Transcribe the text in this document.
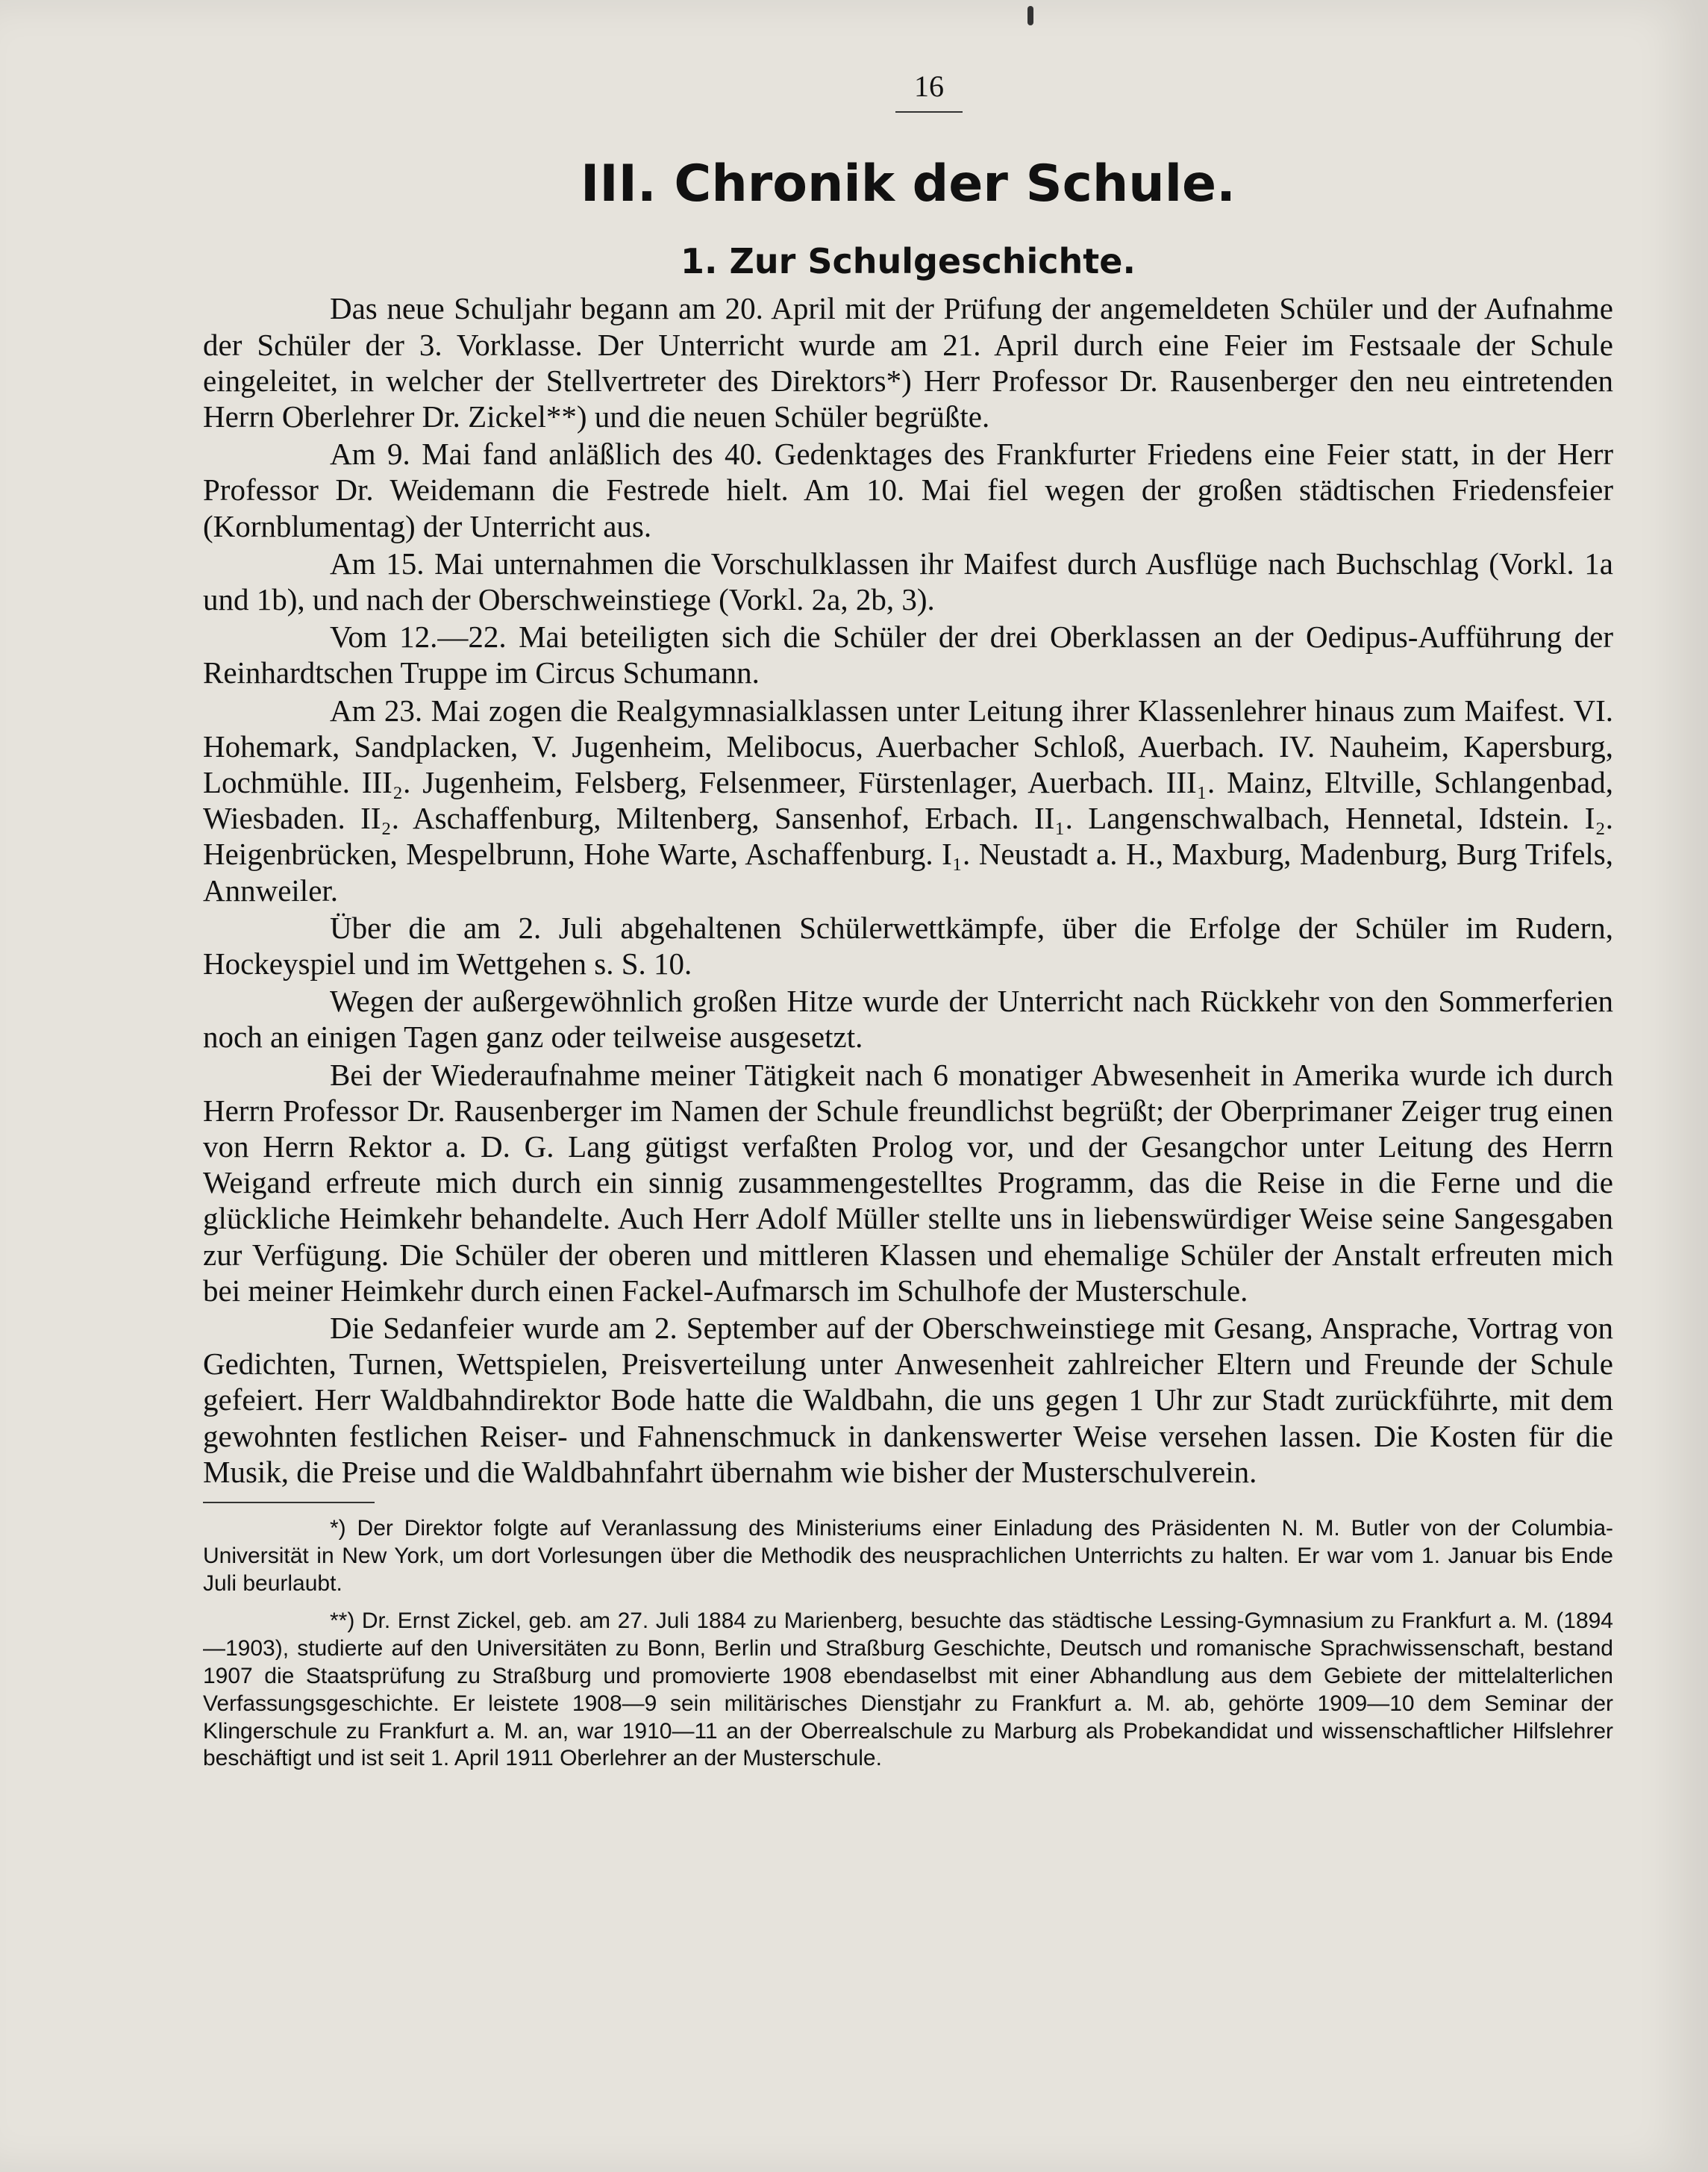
16
III. Chronik der Schule.
1. Zur Schulgeschichte.

Das neue Schuljahr begann am 20. April mit der Prüfung der angemeldeten Schüler und der Aufnahme der Schüler der 3. Vorklasse. Der Unterricht wurde am 21. April durch eine Feier im Festsaale der Schule eingeleitet, in welcher der Stellvertreter des Direktors*) Herr Professor Dr. Rausenberger den neu eintretenden Herrn Oberlehrer Dr. Zickel**) und die neuen Schüler begrüßte.

Am 9. Mai fand anläßlich des 40. Gedenktages des Frankfurter Friedens eine Feier statt, in der Herr Professor Dr. Weidemann die Festrede hielt. Am 10. Mai fiel wegen der großen städtischen Friedensfeier (Kornblumentag) der Unterricht aus.

Am 15. Mai unternahmen die Vorschulklassen ihr Maifest durch Ausflüge nach Buchschlag (Vorkl. 1a und 1b), und nach der Oberschweinstiege (Vorkl. 2a, 2b, 3).

Vom 12.—22. Mai beteiligten sich die Schüler der drei Oberklassen an der Oedipus-Aufführung der Reinhardtschen Truppe im Circus Schumann.

Am 23. Mai zogen die Realgymnasialklassen unter Leitung ihrer Klassenlehrer hinaus zum Maifest. VI. Hohemark, Sandplacken, V. Jugenheim, Melibocus, Auerbacher Schloß, Auerbach. IV. Nauheim, Kapersburg, Lochmühle. III₂. Jugenheim, Felsberg, Felsenmeer, Fürstenlager, Auerbach. III₁. Mainz, Eltville, Schlangenbad, Wiesbaden. II₂. Aschaffenburg, Miltenberg, Sansenhof, Erbach. II₁. Langenschwalbach, Hennetal, Idstein. I₂. Heigenbrücken, Mespelbrunn, Hohe Warte, Aschaffenburg. I₁. Neustadt a. H., Maxburg, Madenburg, Burg Trifels, Annweiler.

Über die am 2. Juli abgehaltenen Schülerwettkämpfe, über die Erfolge der Schüler im Rudern, Hockeyspiel und im Wettgehen s. S. 10.

Wegen der außergewöhnlich großen Hitze wurde der Unterricht nach Rückkehr von den Sommerferien noch an einigen Tagen ganz oder teilweise ausgesetzt.

Bei der Wiederaufnahme meiner Tätigkeit nach 6 monatiger Abwesenheit in Amerika wurde ich durch Herrn Professor Dr. Rausenberger im Namen der Schule freundlichst begrüßt; der Oberprimaner Zeiger trug einen von Herrn Rektor a. D. G. Lang gütigst verfaßten Prolog vor, und der Gesangchor unter Leitung des Herrn Weigand erfreute mich durch ein sinnig zusammengestelltes Programm, das die Reise in die Ferne und die glückliche Heimkehr behandelte. Auch Herr Adolf Müller stellte uns in liebenswürdiger Weise seine Sangesgaben zur Verfügung. Die Schüler der oberen und mittleren Klassen und ehemalige Schüler der Anstalt erfreuten mich bei meiner Heimkehr durch einen Fackel-Aufmarsch im Schulhofe der Musterschule.

Die Sedanfeier wurde am 2. September auf der Oberschweinstiege mit Gesang, Ansprache, Vortrag von Gedichten, Turnen, Wettspielen, Preisverteilung unter Anwesenheit zahlreicher Eltern und Freunde der Schule gefeiert. Herr Waldbahndirektor Bode hatte die Waldbahn, die uns gegen 1 Uhr zur Stadt zurückführte, mit dem gewohnten festlichen Reiser- und Fahnenschmuck in dankenswerter Weise versehen lassen. Die Kosten für die Musik, die Preise und die Waldbahnfahrt übernahm wie bisher der Musterschulverein.

*) Der Direktor folgte auf Veranlassung des Ministeriums einer Einladung des Präsidenten N. M. Butler von der Columbia-Universität in New York, um dort Vorlesungen über die Methodik des neusprachlichen Unterrichts zu halten. Er war vom 1. Januar bis Ende Juli beurlaubt.

**) Dr. Ernst Zickel, geb. am 27. Juli 1884 zu Marienberg, besuchte das städtische Lessing-Gymnasium zu Frankfurt a. M. (1894—1903), studierte auf den Universitäten zu Bonn, Berlin und Straßburg Geschichte, Deutsch und romanische Sprachwissenschaft, bestand 1907 die Staatsprüfung zu Straßburg und promovierte 1908 ebendaselbst mit einer Abhandlung aus dem Gebiete der mittelalterlichen Verfassungsgeschichte. Er leistete 1908—9 sein militärisches Dienstjahr zu Frankfurt a. M. ab, gehörte 1909—10 dem Seminar der Klingerschule zu Frankfurt a. M. an, war 1910—11 an der Oberrealschule zu Marburg als Probekandidat und wissenschaftlicher Hilfslehrer beschäftigt und ist seit 1. April 1911 Oberlehrer an der Musterschule.
